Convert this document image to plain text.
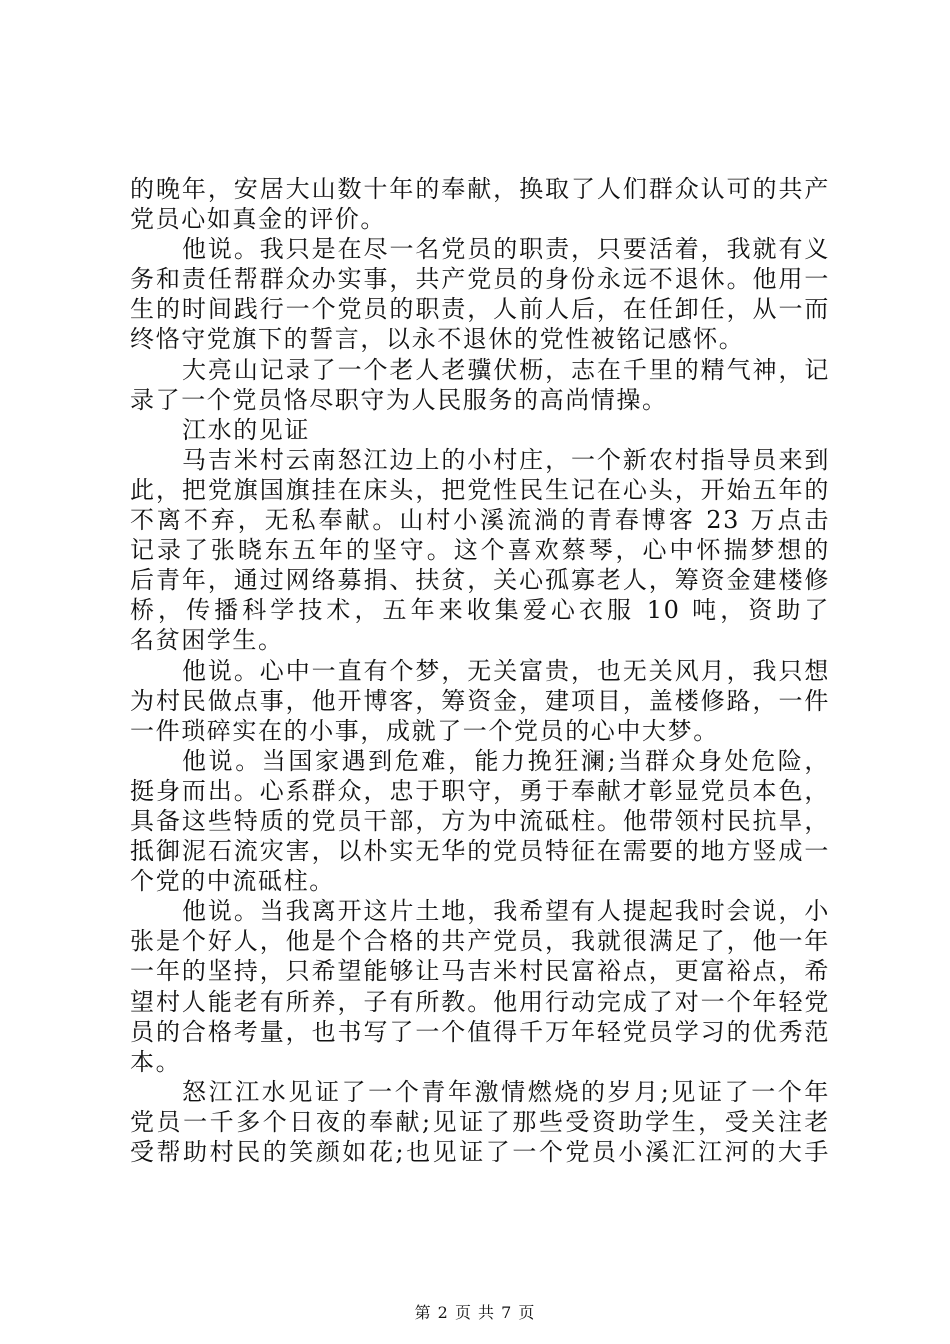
的晚年，安居大山数十年的奉献，换取了人们群众认可的共产
党员心如真金的评价。
他说。我只是在尽一名党员的职责，只要活着，我就有义
务和责任帮群众办实事，共产党员的身份永远不退休。他用一
生的时间践行一个党员的职责，人前人后，在任卸任，从一而
终恪守党旗下的誓言，以永不退休的党性被铭记感怀。
大亮山记录了一个老人老骥伏枥，志在千里的精气神，记
录了一个党员恪尽职守为人民服务的高尚情操。
江水的见证
马吉米村云南怒江边上的小村庄，一个新农村指导员来到
此，把党旗国旗挂在床头，把党性民生记在心头，开始五年的
不离不弃，无私奉献。山村小溪流淌的青春博客 23 万点击
记录了张晓东五年的坚守。这个喜欢蔡琴，心中怀揣梦想的
后青年，通过网络募捐、扶贫，关心孤寡老人，筹资金建楼修
桥，传播科学技术，五年来收集爱心衣服 10 吨，资助了
名贫困学生。
他说。心中一直有个梦，无关富贵，也无关风月，我只想
为村民做点事，他开博客，筹资金，建项目，盖楼修路，一件
一件琐碎实在的小事，成就了一个党员的心中大梦。
他说。当国家遇到危难，能力挽狂澜;当群众身处危险，
挺身而出。心系群众，忠于职守，勇于奉献才彰显党员本色，
具备这些特质的党员干部，方为中流砥柱。他带领村民抗旱，
抵御泥石流灾害，以朴实无华的党员特征在需要的地方竖成一
个党的中流砥柱。
他说。当我离开这片土地，我希望有人提起我时会说，小
张是个好人，他是个合格的共产党员，我就很满足了，他一年
一年的坚持，只希望能够让马吉米村民富裕点，更富裕点，希
望村人能老有所养，子有所教。他用行动完成了对一个年轻党
员的合格考量，也书写了一个值得千万年轻党员学习的优秀范
本。
怒江江水见证了一个青年激情燃烧的岁月;见证了一个年
党员一千多个日夜的奉献;见证了那些受资助学生，受关注老
受帮助村民的笑颜如花;也见证了一个党员小溪汇江河的大手
第 2 页 共 7 页
